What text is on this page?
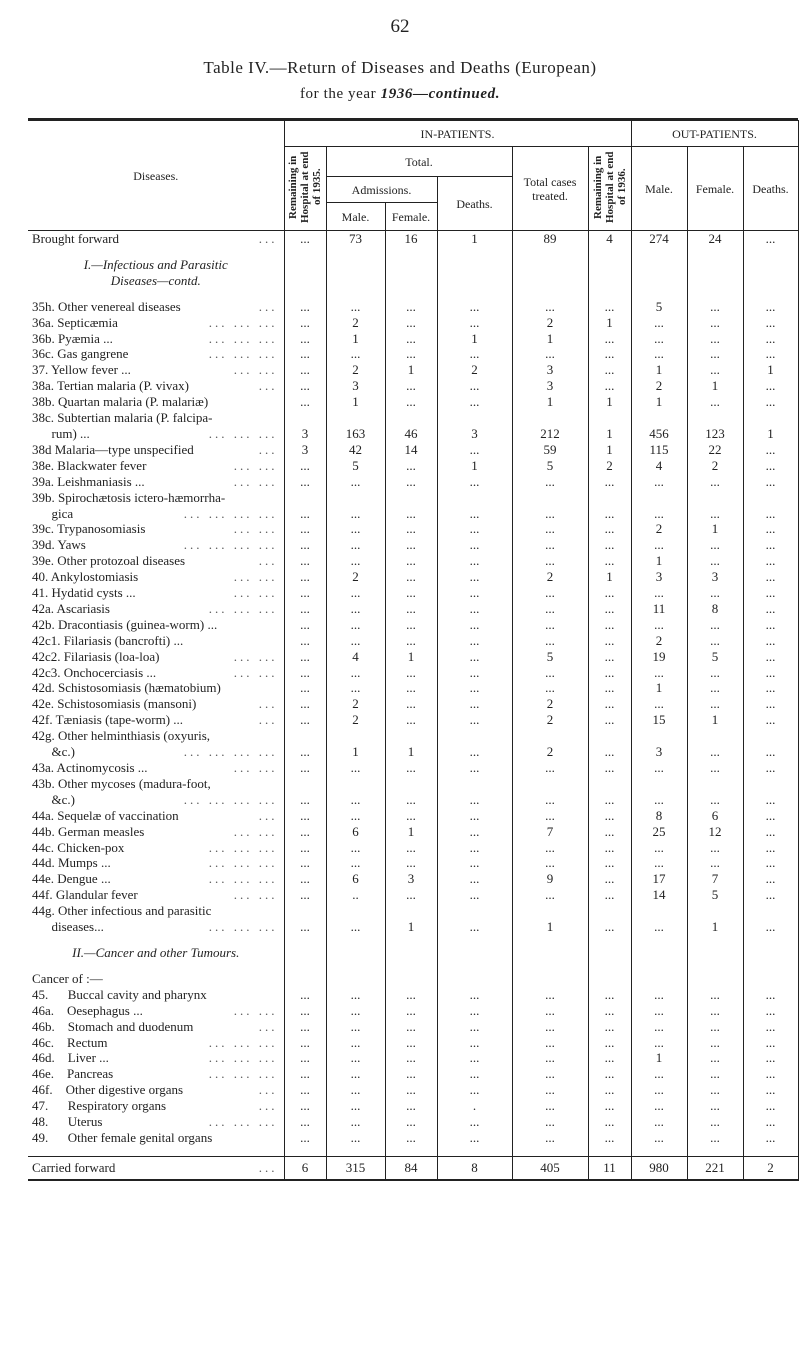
62
Table IV.—Return of Diseases and Deaths (European)
for the year 1936—continued.

Diseases.	IN-PATIENTS.						OUT-PATIENTS.		
	Remaining in Hospital at end of 1935.	Total.			Total cases treated.	Remaining in Hospital at end of 1936.	Male.	Female.	Deaths.
		Admissions.		Deaths.					
		Male.	Female.						
Brought forward ...	...	73	16	1	89	4	274	24	...

I.—Infectious and Parasitic									
Diseases—contd.									

35h. Other venereal diseases ...	...	...	...	...	...	...	5	...	...
36a. Septicæmia ... ... ...	...	2	...	...	2	1	...	...	...
36b. Pyæmia ... ... ... ...	...	1	...	1	1	...	...	...	...
36c. Gas gangrene ... ... ...	...	...	...	...	...	...	...	...	...
37. Yellow fever ... ... ...	...	2	1	2	3	...	1	...	1
38a. Tertian malaria (P. vivax) ...	...	3	...	...	3	...	2	1	...
38b. Quartan malaria (P. malariæ)	...	1	...	...	1	1	1	...	...
38c. Subtertian malaria (P. falcipa-									
rum) ... ... ... ...	3	163	46	3	212	1	456	123	1
38d Malaria—type unspecified ...	3	42	14	...	59	1	115	22	...
38e. Blackwater fever ... ...	...	5	...	1	5	2	4	2	...
39a. Leishmaniasis ... ... ...	...	...	...	...	...	...	...	...	...
39b. Spirochætosis ictero-hæmorrha-									
gica ... ... ... ...	...	...	...	...	...	...	...	...	...
39c. Trypanosomiasis ... ...	...	...	...	...	...	...	2	1	...
39d. Yaws ... ... ... ...	...	...	...	...	...	...	...	...	...
39e. Other protozoal diseases ...	...	...	...	...	...	...	1	...	...
40. Ankylostomiasis ... ...	...	2	...	...	2	1	3	3	...
41. Hydatid cysts ... ... ...	...	...	...	...	...	...	...	...	...
42a. Ascariasis ... ... ...	...	...	...	...	...	...	11	8	...
42b. Dracontiasis (guinea-worm) ...	...	...	...	...	...	...	...	...	...
42c1. Filariasis (bancrofti) ...	...	...	...	...	...	...	2	...	...
42c2. Filariasis (loa-loa) ... ...	...	4	1	...	5	...	19	5	...
42c3. Onchocerciasis ... ... ...	...	...	...	...	...	...	...	...	...
42d. Schistosomiasis (hæmatobium)	...	...	...	...	...	...	1	...	...
42e. Schistosomiasis (mansoni) ...	...	2	...	...	2	...	...	...	...
42f. Tæniasis (tape-worm) ... ...	...	2	...	...	2	...	15	1	...
42g. Other helminthiasis (oxyuris,									
&c.) ... ... ... ...	...	1	1	...	2	...	3	...	...
43a. Actinomycosis ... ... ...	...	...	...	...	...	...	...	...	...
43b. Other mycoses (madura-foot,									
&c.) ... ... ... ...	...	...	...	...	...	...	...	...	...
44a. Sequelæ of vaccination ...	...	...	...	...	...	...	8	6	...
44b. German measles ... ...	...	6	1	...	7	...	25	12	...
44c. Chicken-pox ... ... ...	...	...	...	...	...	...	...	...	...
44d. Mumps ... ... ... ...	...	...	...	...	...	...	...	...	...
44e. Dengue ... ... ... ...	...	6	3	...	9	...	17	7	...
44f. Glandular fever ... ...	...	..	...	...	...	...	14	5	...
44g. Other infectious and parasitic									
diseases... ... ... ...	...	...	1	...	1	...	...	1	...

II.—Cancer and other Tumours.									

Cancer of :—									
45.      Buccal cavity and pharynx	...	...	...	...	...	...	...	...	...
46a.    Oesephagus ... ... ...	...	...	...	...	...	...	...	...	...
46b.    Stomach and duodenum ...	...	...	...	...	...	...	...	...	...
46c.    Rectum ... ... ...	...	...	...	...	...	...	...	...	...
46d.    Liver ... ... ... ...	...	...	...	...	...	...	1	...	...
46e.    Pancreas ... ... ...	...	...	...	...	...	...	...	...	...
46f.    Other digestive organs ...	...	...	...	...	...	...	...	...	...
47.      Respiratory organs ...	...	...	...	.	...	...	...	...	...
48.      Uterus ... ... ...	...	...	...	...	...	...	...	...	...
49.      Other female genital organs	...	...	...	...	...	...	...	...	...

Carried forward ...	6	315	84	8	405	11	980	221	2
